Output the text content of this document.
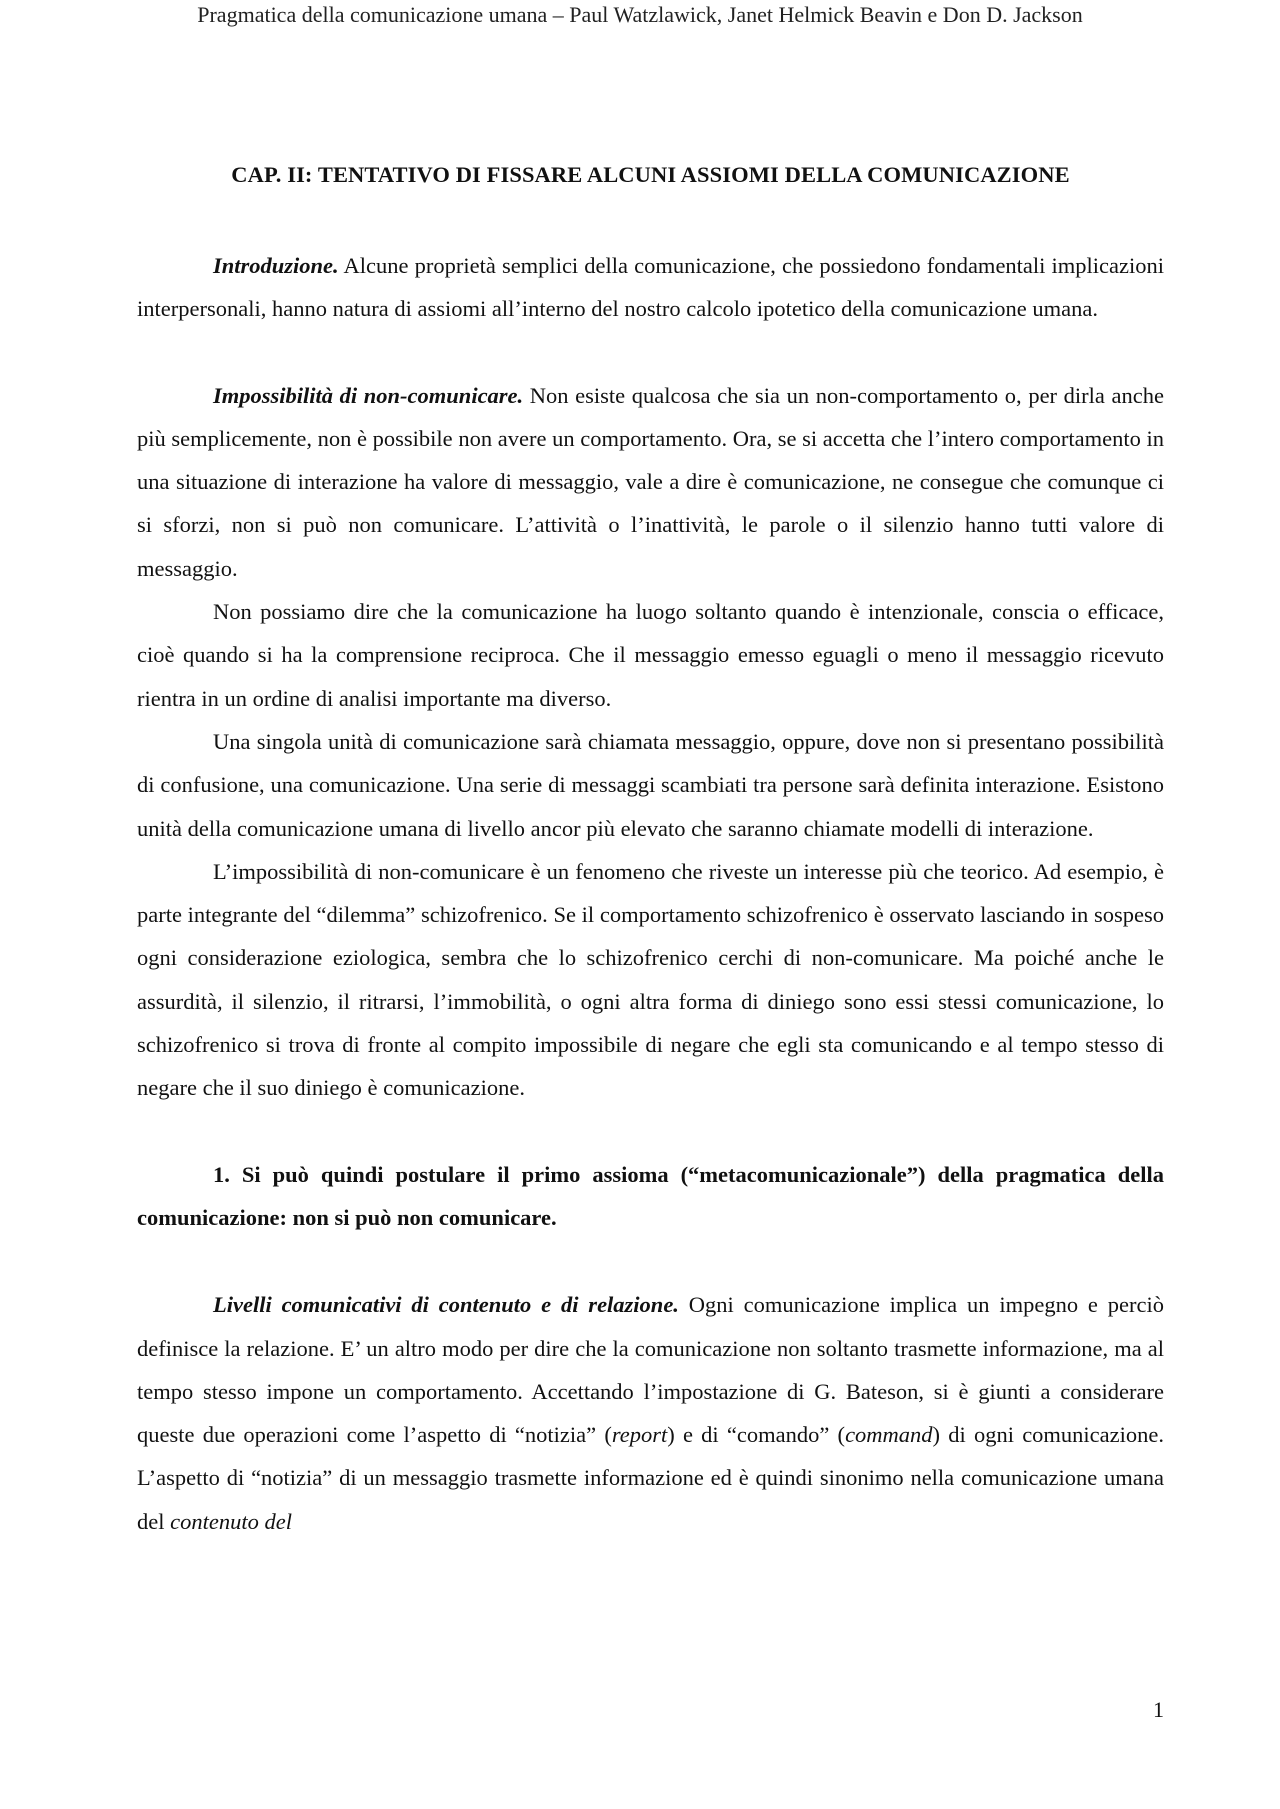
Pragmatica della comunicazione umana – Paul Watzlawick, Janet Helmick Beavin e Don D. Jackson
CAP. II: TENTATIVO DI FISSARE ALCUNI ASSIOMI DELLA COMUNICAZIONE

Introduzione. Alcune proprietà semplici della comunicazione, che possiedono fondamentali implicazioni interpersonali, hanno natura di assiomi all’interno del nostro calcolo ipotetico della comunicazione umana.

Impossibilità di non-comunicare. Non esiste qualcosa che sia un non-comportamento o, per dirla anche più semplicemente, non è possibile non avere un comportamento. Ora, se si accetta che l’intero comportamento in una situazione di interazione ha valore di messaggio, vale a dire è comunicazione, ne consegue che comunque ci si sforzi, non si può non comunicare. L’attività o l’inattività, le parole o il silenzio hanno tutti valore di messaggio.

Non possiamo dire che la comunicazione ha luogo soltanto quando è intenzionale, conscia o efficace, cioè quando si ha la comprensione reciproca. Che il messaggio emesso eguagli o meno il messaggio ricevuto rientra in un ordine di analisi importante ma diverso.

Una singola unità di comunicazione sarà chiamata messaggio, oppure, dove non si presentano possibilità di confusione, una comunicazione. Una serie di messaggi scambiati tra persone sarà definita interazione. Esistono unità della comunicazione umana di livello ancor più elevato che saranno chiamate modelli di interazione.

L’impossibilità di non-comunicare è un fenomeno che riveste un interesse più che teorico. Ad esempio, è parte integrante del “dilemma” schizofrenico. Se il comportamento schizofrenico è osservato lasciando in sospeso ogni considerazione eziologica, sembra che lo schizofrenico cerchi di non-comunicare. Ma poiché anche le assurdità, il silenzio, il ritrarsi, l’immobilità, o ogni altra forma di diniego sono essi stessi comunicazione, lo schizofrenico si trova di fronte al compito impossibile di negare che egli sta comunicando e al tempo stesso di negare che il suo diniego è comunicazione.

1. Si può quindi postulare il primo assioma (“metacomunicazionale”) della pragmatica della comunicazione: non si può non comunicare.

Livelli comunicativi di contenuto e di relazione. Ogni comunicazione implica un impegno e perciò definisce la relazione. E’ un altro modo per dire che la comunicazione non soltanto trasmette informazione, ma al tempo stesso impone un comportamento. Accettando l’impostazione di G. Bateson, si è giunti a considerare queste due operazioni come l’aspetto di “notizia” (report) e di “comando” (command) di ogni comunicazione. L’aspetto di “notizia” di un messaggio trasmette informazione ed è quindi sinonimo nella comunicazione umana del contenuto del

1
